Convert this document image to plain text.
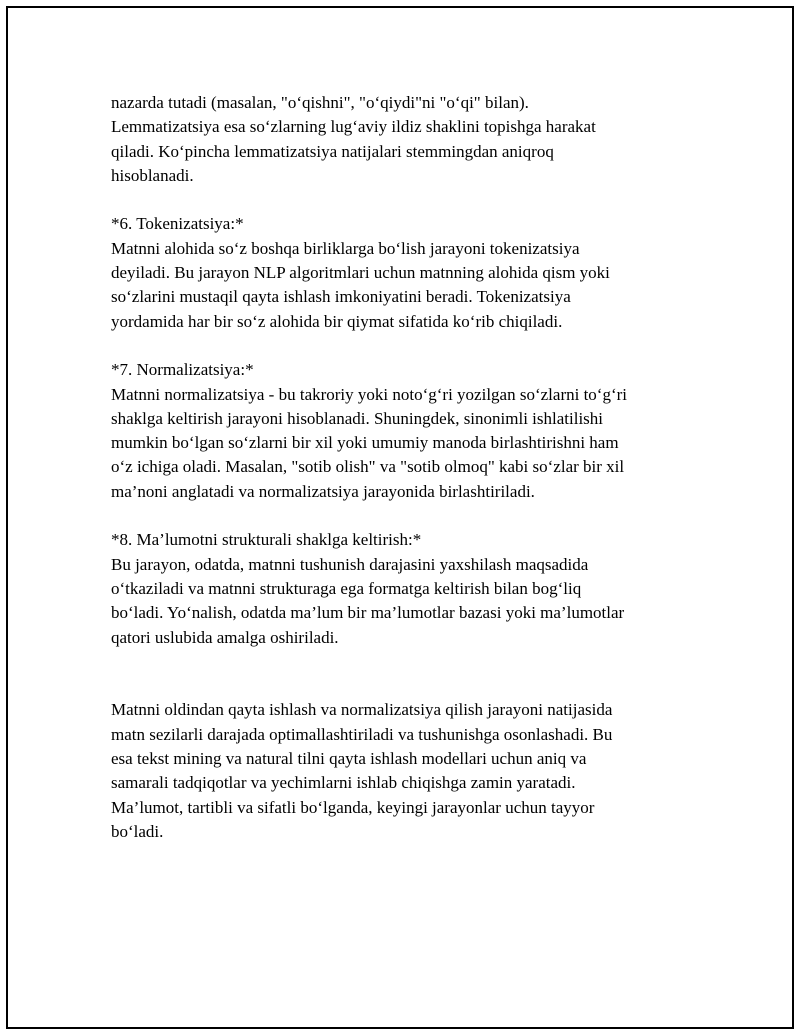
nazarda tutadi (masalan, "o‘qishni", "o‘qiydi"ni "o‘qi" bilan).
Lemmatizatsiya esa so‘zlarning lug‘aviy ildiz shaklini topishga harakat
qiladi. Ko‘pincha lemmatizatsiya natijalari stemmingdan aniqroq
hisoblanadi.
*6. Tokenizatsiya:*
Matnni alohida so‘z boshqa birliklarga bo‘lish jarayoni tokenizatsiya
deyiladi. Bu jarayon NLP algoritmlari uchun matnning alohida qism yoki
so‘zlarini mustaqil qayta ishlash imkoniyatini beradi. Tokenizatsiya
yordamida har bir so‘z alohida bir qiymat sifatida ko‘rib chiqiladi.
*7. Normalizatsiya:*
Matnni normalizatsiya - bu takroriy yoki noto‘g‘ri yozilgan so‘zlarni to‘g‘ri
shaklga keltirish jarayoni hisoblanadi. Shuningdek, sinonimli ishlatilishi
mumkin bo‘lgan so‘zlarni bir xil yoki umumiy manoda birlashtirishni ham
o‘z ichiga oladi. Masalan, "sotib olish" va "sotib olmoq" kabi so‘zlar bir xil
ma’noni anglatadi va normalizatsiya jarayonida birlashtiriladi.
*8. Ma’lumotni strukturali shaklga keltirish:*
Bu jarayon, odatda, matnni tushunish darajasini yaxshilash maqsadida
o‘tkaziladi va matnni strukturaga ega formatga keltirish bilan bog‘liq
bo‘ladi. Yo‘nalish, odatda ma’lum bir ma’lumotlar bazasi yoki ma’lumotlar
qatori uslubida amalga oshiriladi.
Matnni oldindan qayta ishlash va normalizatsiya qilish jarayoni natijasida
matn sezilarli darajada optimallashtiriladi va tushunishga osonlashadi. Bu
esa tekst mining va natural tilni qayta ishlash modellari uchun aniq va
samarali tadqiqotlar va yechimlarni ishlab chiqishga zamin yaratadi.
Ma’lumot, tartibli va sifatli bo‘lganda, keyingi jarayonlar uchun tayyor
bo‘ladi.
